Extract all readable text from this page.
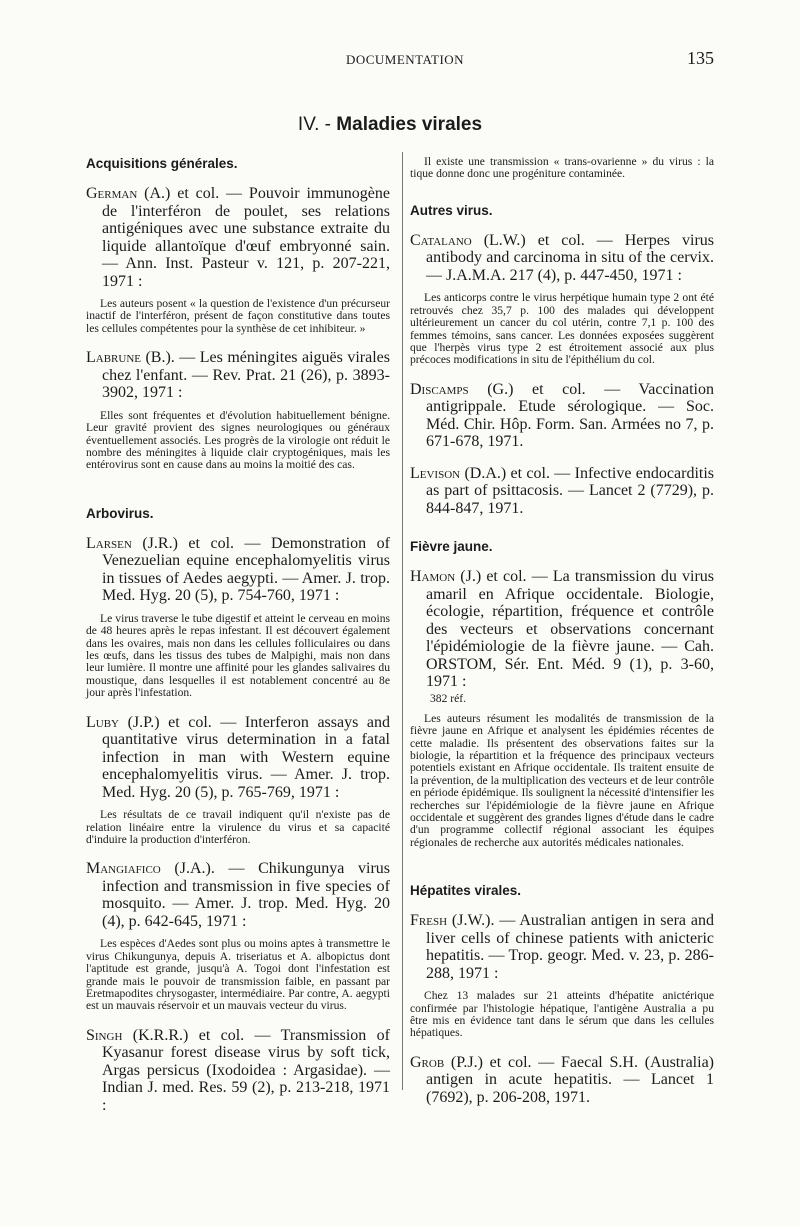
DOCUMENTATION	135
IV. - Maladies virales

Acquisitions générales.

German (A.) et col. — Pouvoir immunogène de l'interféron de poulet, ses relations antigéniques avec une substance extraite du liquide allantoïque d'œuf embryonné sain. — Ann. Inst. Pasteur v. 121, p. 207-221, 1971 :

Les auteurs posent « la question de l'existence d'un précurseur inactif de l'interféron, présent de façon constitutive dans toutes les cellules compétentes pour la synthèse de cet inhibiteur. »

Labrune (B.). — Les méningites aiguës virales chez l'enfant. — Rev. Prat. 21 (26), p. 3893-3902, 1971 :

Elles sont fréquentes et d'évolution habituellement bénigne. Leur gravité provient des signes neurologiques ou généraux éventuellement associés. Les progrès de la virologie ont réduit le nombre des méningites à liquide clair cryptogéniques, mais les entérovirus sont en cause dans au moins la moitié des cas.

Arbovirus.

Larsen (J.R.) et col. — Demonstration of Venezuelian equine encephalomyelitis virus in tissues of Aedes aegypti. — Amer. J. trop. Med. Hyg. 20 (5), p. 754-760, 1971 :

Le virus traverse le tube digestif et atteint le cerveau en moins de 48 heures après le repas infestant. Il est découvert également dans les ovaires, mais non dans les cellules folliculaires ou dans les œufs, dans les tissus des tubes de Malpighi, mais non dans leur lumière. Il montre une affinité pour les glandes salivaires du moustique, dans lesquelles il est notablement concentré au 8e jour après l'infestation.

Luby (J.P.) et col. — Interferon assays and quantitative virus determination in a fatal infection in man with Western equine encephalomyelitis virus. — Amer. J. trop. Med. Hyg. 20 (5), p. 765-769, 1971 :

Les résultats de ce travail indiquent qu'il n'existe pas de relation linéaire entre la virulence du virus et sa capacité d'induire la production d'interféron.

Mangiafico (J.A.). — Chikungunya virus infection and transmission in five species of mosquito. — Amer. J. trop. Med. Hyg. 20 (4), p. 642-645, 1971 :

Les espèces d'Aedes sont plus ou moins aptes à transmettre le virus Chikungunya, depuis A. triseriatus et A. albopictus dont l'aptitude est grande, jusqu'à A. Togoi dont l'infestation est grande mais le pouvoir de transmission faible, en passant par Eretmapodites chrysogaster, intermédiaire. Par contre, A. aegypti est un mauvais réservoir et un mauvais vecteur du virus.

Singh (K.R.R.) et col. — Transmission of Kyasanur forest disease virus by soft tick, Argas persicus (Ixodoidea : Argasidae). — Indian J. med. Res. 59 (2), p. 213-218, 1971 :

Il existe une transmission « trans-ovarienne » du virus : la tique donne donc une progéniture contaminée.

Autres virus.

Catalano (L.W.) et col. — Herpes virus antibody and carcinoma in situ of the cervix. — J.A.M.A. 217 (4), p. 447-450, 1971 :

Les anticorps contre le virus herpétique humain type 2 ont été retrouvés chez 35,7 p. 100 des malades qui développent ultérieurement un cancer du col utérin, contre 7,1 p. 100 des femmes témoins, sans cancer. Les données exposées suggèrent que l'herpès virus type 2 est étroitement associé aux plus précoces modifications in situ de l'épithélium du col.

Discamps (G.) et col. — Vaccination antigrippale. Etude sérologique. — Soc. Méd. Chir. Hôp. Form. San. Armées no 7, p. 671-678, 1971.

Levison (D.A.) et col. — Infective endocarditis as part of psittacosis. — Lancet 2 (7729), p. 844-847, 1971.

Fièvre jaune.

Hamon (J.) et col. — La transmission du virus amaril en Afrique occidentale. Biologie, écologie, répartition, fréquence et contrôle des vecteurs et observations concernant l'épidémiologie de la fièvre jaune. — Cah. ORSTOM, Sér. Ent. Méd. 9 (1), p. 3-60, 1971 :

382 réf.

Les auteurs résument les modalités de transmission de la fièvre jaune en Afrique et analysent les épidémies récentes de cette maladie. Ils présentent des observations faites sur la biologie, la répartition et la fréquence des principaux vecteurs potentiels existant en Afrique occidentale. Ils traitent ensuite de la prévention, de la multiplication des vecteurs et de leur contrôle en période épidémique. Ils soulignent la nécessité d'intensifier les recherches sur l'épidémiologie de la fièvre jaune en Afrique occidentale et suggèrent des grandes lignes d'étude dans le cadre d'un programme collectif régional associant les équipes régionales de recherche aux autorités médicales nationales.

Hépatites virales.

Fresh (J.W.). — Australian antigen in sera and liver cells of chinese patients with anicteric hepatitis. — Trop. geogr. Med. v. 23, p. 286-288, 1971 :

Chez 13 malades sur 21 atteints d'hépatite anictérique confirmée par l'histologie hépatique, l'antigène Australia a pu être mis en évidence tant dans le sérum que dans les cellules hépatiques.

Grob (P.J.) et col. — Faecal S.H. (Australia) antigen in acute hepatitis. — Lancet 1 (7692), p. 206-208, 1971.
